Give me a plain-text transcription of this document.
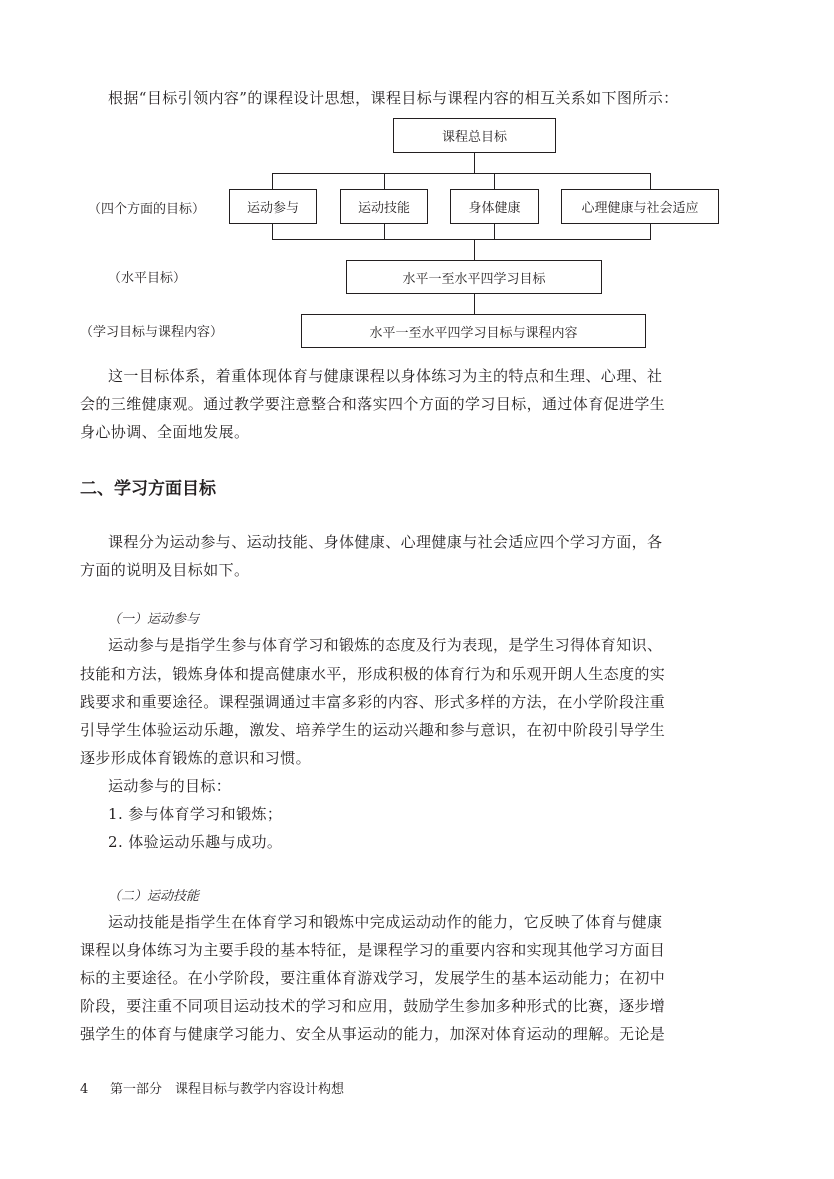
根据“目标引领内容”的课程设计思想，课程目标与课程内容的相互关系如下图所示：
课程总目标
（四个方面的目标）	运动参与	运动技能	身体健康	心理健康与社会适应
（水平目标）	水平一至水平四学习目标
（学习目标与课程内容）	水平一至水平四学习目标与课程内容
这一目标体系，着重体现体育与健康课程以身体练习为主的特点和生理、心理、社
会的三维健康观。通过教学要注意整合和落实四个方面的学习目标，通过体育促进学生
身心协调、全面地发展。
二、学习方面目标
课程分为运动参与、运动技能、身体健康、心理健康与社会适应四个学习方面，各
方面的说明及目标如下。
（一）运动参与
运动参与是指学生参与体育学习和锻炼的态度及行为表现，是学生习得体育知识、
技能和方法，锻炼身体和提高健康水平，形成积极的体育行为和乐观开朗人生态度的实
践要求和重要途径。课程强调通过丰富多彩的内容、形式多样的方法，在小学阶段注重
引导学生体验运动乐趣，激发、培养学生的运动兴趣和参与意识，在初中阶段引导学生
逐步形成体育锻炼的意识和习惯。
运动参与的目标：
1. 参与体育学习和锻炼；
2. 体验运动乐趣与成功。
（二）运动技能
运动技能是指学生在体育学习和锻炼中完成运动动作的能力，它反映了体育与健康
课程以身体练习为主要手段的基本特征，是课程学习的重要内容和实现其他学习方面目
标的主要途径。在小学阶段，要注重体育游戏学习，发展学生的基本运动能力；在初中
阶段，要注重不同项目运动技术的学习和应用，鼓励学生参加多种形式的比赛，逐步增
强学生的体育与健康学习能力、安全从事运动的能力，加深对体育运动的理解。无论是
4 第一部分　课程目标与教学内容设计构想
